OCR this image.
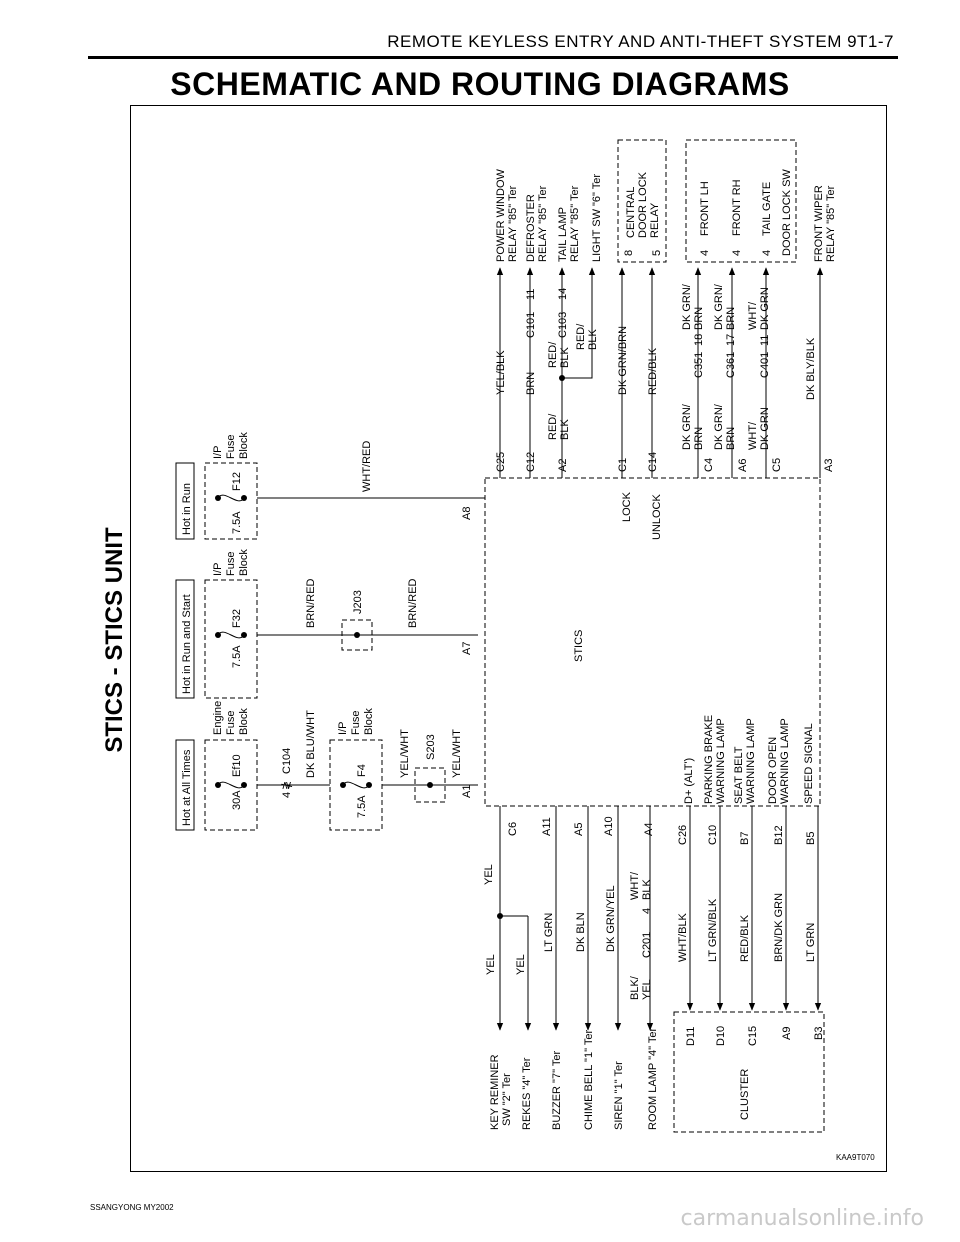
REMOTE KEYLESS ENTRY AND ANTI-THEFT SYSTEM 9T1-7
SCHEMATIC AND ROUTING DIAGRAMS
STICS - STICS UNIT
Hot at All Times
Hot in Run and Start
Hot in Run
30A
Ef10
Engine Fuse Block
7.5A
F32
I/P Fuse Block
7.5A
F12
I/P Fuse Block
7.5A
F4
I/P Fuse Block
4
C104
≹
DK BLU/WHT	YEL/WHT	YEL/WHT
BRN/RED	BRN/RED
WHT/RED
S203
J203
STICS
A1
A7
A8	LOCK UNLOCK
D+ (ALT') PARKING BRAKE WARNING LAMP SEAT BELT WARNING LAMP DOOR OPEN WARNING LAMP SPEED SIGNAL
C6 A11 A5 A10	A4
YEL
YEL YEL
LT GRN DK BLN DK GRN/YEL
BLK/ YEL
C201
4
WHT/ BLK
KEY REMINER SW "2" Ter REKES "4" Ter BUZZER "7" Ter CHIME BELL "1" Ter SIREN "1" Ter ROOM LAMP "4" Ter	CLUSTER
C26 C10 B7 B12 B5
WHT/BLK LT GRN/BLK RED/BLK BRN/DK GRN LT GRN
D11 D10 C15 A9 B3
C25 C12 A2	C1 C14	C4 A6 C5	A3
YEL/BLK BRN
C101
11
RED/ BLK
RED/ BLK
C103
14
RED/ BLK DK GRN/BRN RED/BLK
DK GRN/ BRN
C351
18
DK GRN/ BRN
DK GRN/ BRN
C361
17
DK GRN/ BRN
WHT/ DK GRN
C401
11
WHT/ DK GRN
DK BLY/BLK
POWER WINDOW RELAY "85" Ter DEFROSTER RELAY "85" Ter TAIL LAMP RELAY "85" Ter LIGHT SW "6" Ter 8 5
CENTRAL DOOR LOCK RELAY
4
FRONT LH
4
FRONT RH
4
TAIL GATE DOOR LOCK SW FRONT WIPER RELAY "85" Ter
KAA9T070
SSANGYONG MY2002	carmanualsonline.info
